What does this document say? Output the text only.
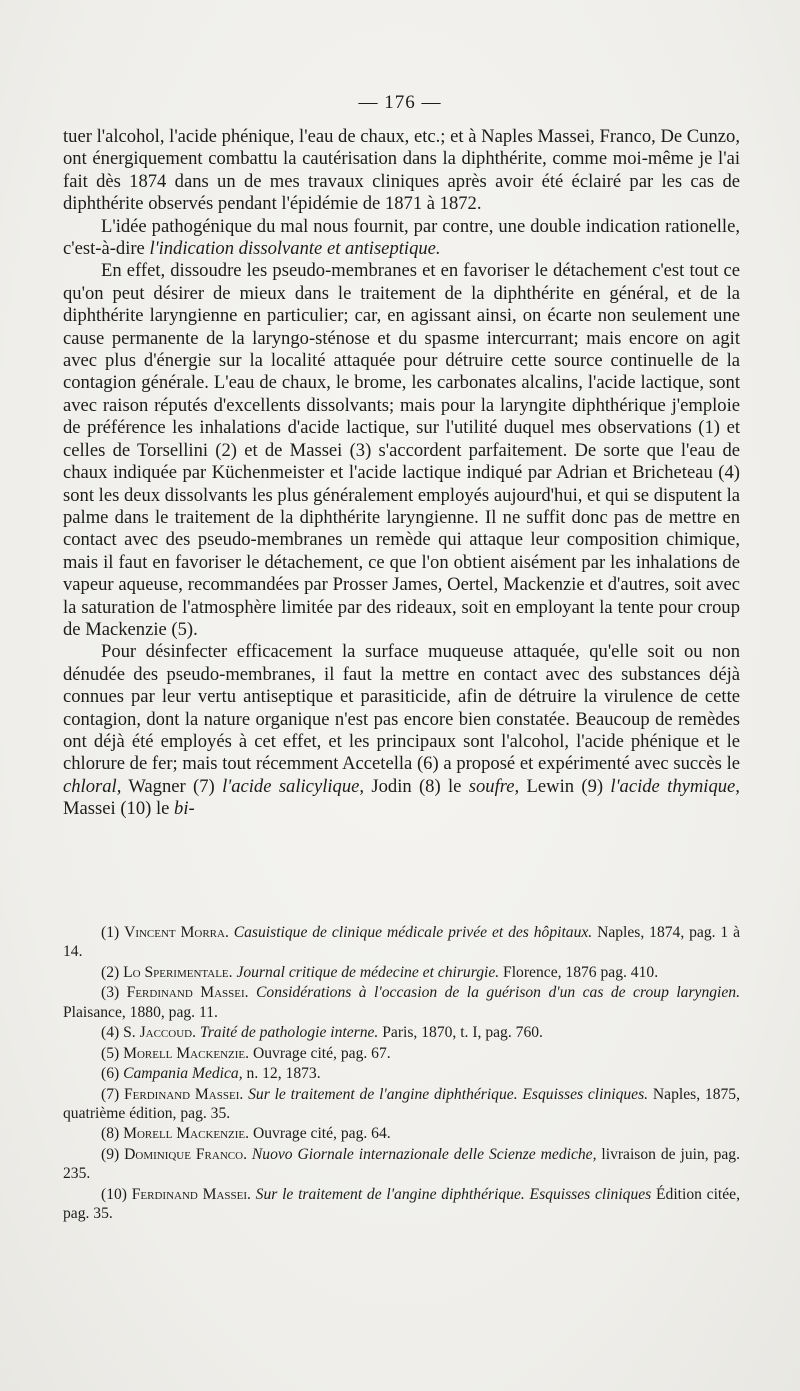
— 176 —

tuer l'alcohol, l'acide phénique, l'eau de chaux, etc.; et à Naples Massei, Franco, De Cunzo, ont énergiquement combattu la cautérisation dans la diphthérite, comme moi-même je l'ai fait dès 1874 dans un de mes travaux cliniques après avoir été éclairé par les cas de diphthérite observés pendant l'épidémie de 1871 à 1872.

L'idée pathogénique du mal nous fournit, par contre, une double indication rationelle, c'est-à-dire l'indication dissolvante et antiseptique.

En effet, dissoudre les pseudo-membranes et en favoriser le détachement c'est tout ce qu'on peut désirer de mieux dans le traitement de la diphthérite en général, et de la diphthérite laryngienne en particulier; car, en agissant ainsi, on écarte non seulement une cause permanente de la laryngo-sténose et du spasme intercurrant; mais encore on agit avec plus d'énergie sur la localité attaquée pour détruire cette source continuelle de la contagion générale. L'eau de chaux, le brome, les carbonates alcalins, l'acide lactique, sont avec raison réputés d'excellents dissolvants; mais pour la laryngite diphthérique j'emploie de préférence les inhalations d'acide lactique, sur l'utilité duquel mes observations (1) et celles de Torsellini (2) et de Massei (3) s'accordent parfaitement. De sorte que l'eau de chaux indiquée par Küchenmeister et l'acide lactique indiqué par Adrian et Bricheteau (4) sont les deux dissolvants les plus généralement employés aujourd'hui, et qui se disputent la palme dans le traitement de la diphthérite laryngienne. Il ne suffit donc pas de mettre en contact avec des pseudo-membranes un remède qui attaque leur composition chimique, mais il faut en favoriser le détachement, ce que l'on obtient aisément par les inhalations de vapeur aqueuse, recommandées par Prosser James, Oertel, Mackenzie et d'autres, soit avec la saturation de l'atmosphère limitée par des rideaux, soit en employant la tente pour croup de Mackenzie (5).

Pour désinfecter efficacement la surface muqueuse attaquée, qu'elle soit ou non dénudée des pseudo-membranes, il faut la mettre en contact avec des substances déjà connues par leur vertu antiseptique et parasiticide, afin de détruire la virulence de cette contagion, dont la nature organique n'est pas encore bien constatée. Beaucoup de remèdes ont déjà été employés à cet effet, et les principaux sont l'alcohol, l'acide phénique et le chlorure de fer; mais tout récemment Accetella (6) a proposé et expérimenté avec succès le chloral, Wagner (7) l'acide salicylique, Jodin (8) le soufre, Lewin (9) l'acide thymique, Massei (10) le bi-

(1) Vincent Morra. Casuistique de clinique médicale privée et des hôpitaux. Naples, 1874, pag. 1 à 14.

(2) Lo Sperimentale. Journal critique de médecine et chirurgie. Florence, 1876 pag. 410.

(3) Ferdinand Massei. Considérations à l'occasion de la guérison d'un cas de croup laryngien. Plaisance, 1880, pag. 11.

(4) S. Jaccoud. Traité de pathologie interne. Paris, 1870, t. I, pag. 760.

(5) Morell Mackenzie. Ouvrage cité, pag. 67.

(6) Campania Medica, n. 12, 1873.

(7) Ferdinand Massei. Sur le traitement de l'angine diphthérique. Esquisses cliniques. Naples, 1875, quatrième édition, pag. 35.

(8) Morell Mackenzie. Ouvrage cité, pag. 64.

(9) Dominique Franco. Nuovo Giornale internazionale delle Scienze mediche, livraison de juin, pag. 235.

(10) Ferdinand Massei. Sur le traitement de l'angine diphthérique. Esquisses cliniques Édition citée, pag. 35.
